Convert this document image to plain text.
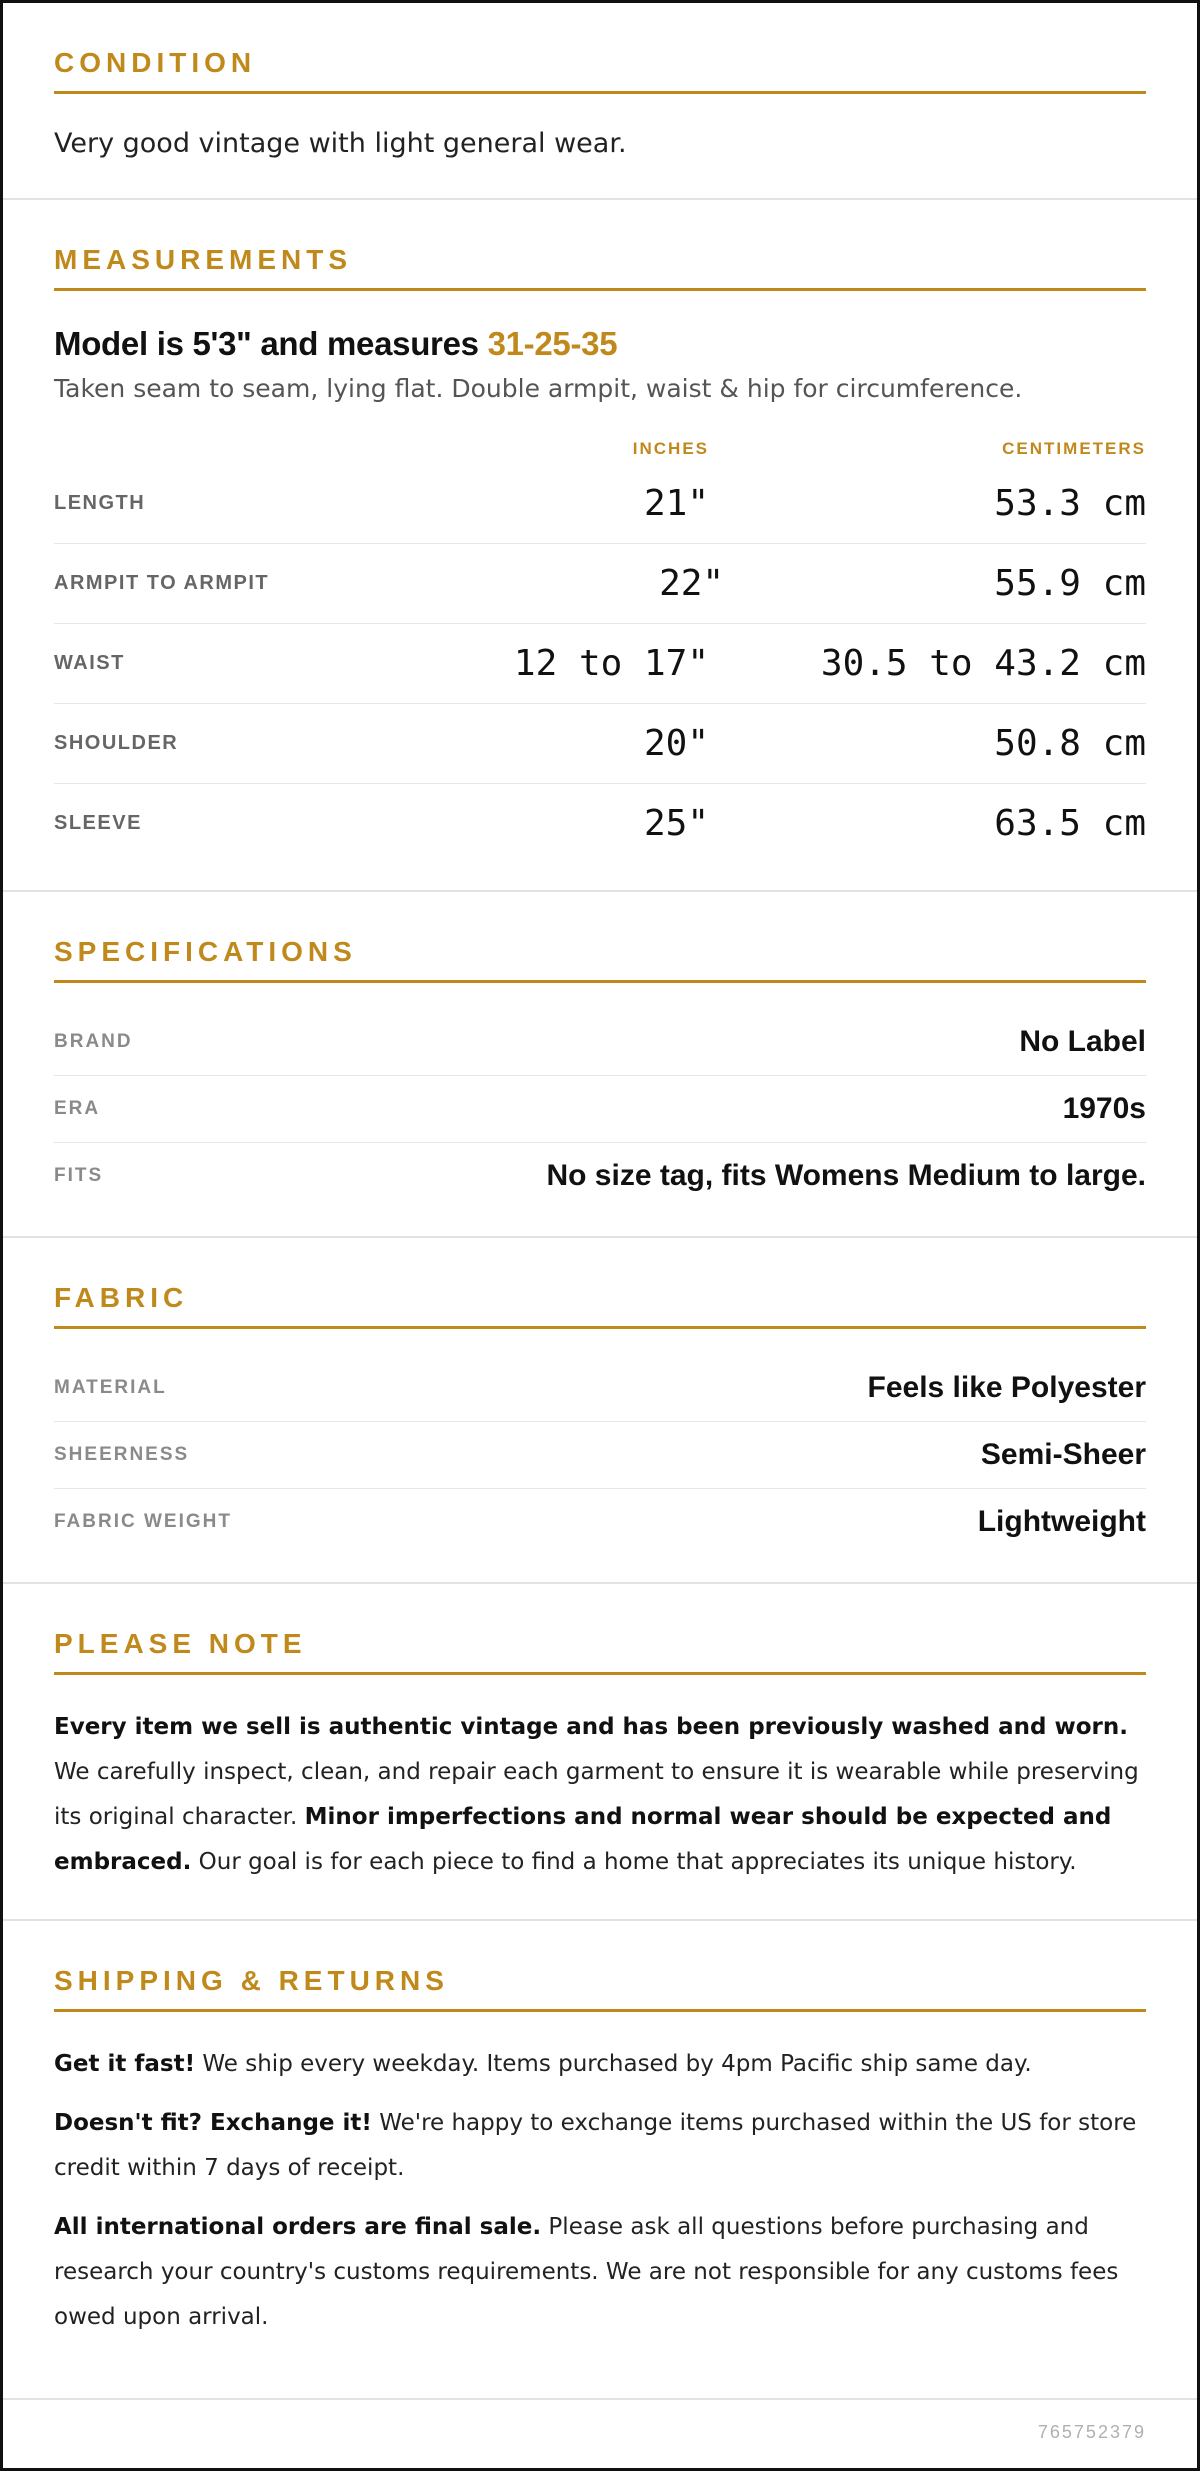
CONDITION
Very good vintage with light general wear.
MEASUREMENTS
Model is 5'3" and measures 31-25-35
Taken seam to seam, lying flat. Double armpit, waist & hip for circumference.
INCHES	CENTIMETERS
LENGTH	21"	53.3 cm
ARMPIT TO ARMPIT	22"	55.9 cm
WAIST	12 to 17"	30.5 to 43.2 cm
SHOULDER	20"	50.8 cm
SLEEVE	25"	63.5 cm
SPECIFICATIONS
BRAND	No Label
ERA	1970s
FITS	No size tag, fits Womens Medium to large.
FABRIC
MATERIAL	Feels like Polyester
SHEERNESS	Semi-Sheer
FABRIC WEIGHT	Lightweight
PLEASE NOTE
Every item we sell is authentic vintage and has been previously washed and worn. We carefully inspect, clean, and repair each garment to ensure it is wearable while preserving its original character. Minor imperfections and normal wear should be expected and embraced. Our goal is for each piece to find a home that appreciates its unique history.
SHIPPING & RETURNS

Get it fast! We ship every weekday. Items purchased by 4pm Pacific ship same day.

Doesn't fit? Exchange it! We're happy to exchange items purchased within the US for store credit within 7 days of receipt.

All international orders are final sale. Please ask all questions before purchasing and research your country's customs requirements. We are not responsible for any customs fees owed upon arrival.

765752379
